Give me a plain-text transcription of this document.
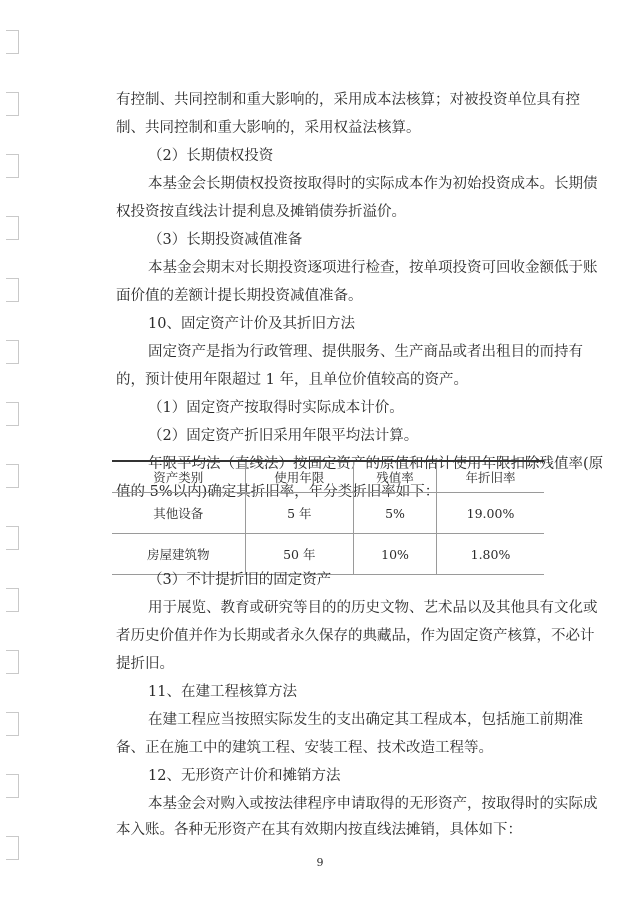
有控制、共同控制和重大影响的，采用成本法核算；对被投资单位具有控
制、共同控制和重大影响的，采用权益法核算。
（2）长期债权投资
本基金会长期债权投资按取得时的实际成本作为初始投资成本。长期债
权投资按直线法计提利息及摊销债券折溢价。
（3）长期投资减值准备
本基金会期末对长期投资逐项进行检查，按单项投资可回收金额低于账
面价值的差额计提长期投资减值准备。
10、固定资产计价及其折旧方法
固定资产是指为行政管理、提供服务、生产商品或者出租目的而持有
的，预计使用年限超过 1 年，且单位价值较高的资产。
（1）固定资产按取得时实际成本计价。
（2）固定资产折旧采用年限平均法计算。
年限平均法（直线法）按固定资产的原值和估计使用年限扣除残值率(原
值的 5%以内)确定其折旧率，年分类折旧率如下：
资产类别	使用年限	残值率	年折旧率
其他设备	5 年	5%	19.00%
房屋建筑物	50 年	10%	1.80%
（3）不计提折旧的固定资产
用于展览、教育或研究等目的的历史文物、艺术品以及其他具有文化或
者历史价值并作为长期或者永久保存的典藏品，作为固定资产核算，不必计
提折旧。
11、在建工程核算方法
在建工程应当按照实际发生的支出确定其工程成本，包括施工前期准
备、正在施工中的建筑工程、安装工程、技术改造工程等。
12、无形资产计价和摊销方法
本基金会对购入或按法律程序申请取得的无形资产，按取得时的实际成
本入账。各种无形资产在其有效期内按直线法摊销，具体如下：
9
